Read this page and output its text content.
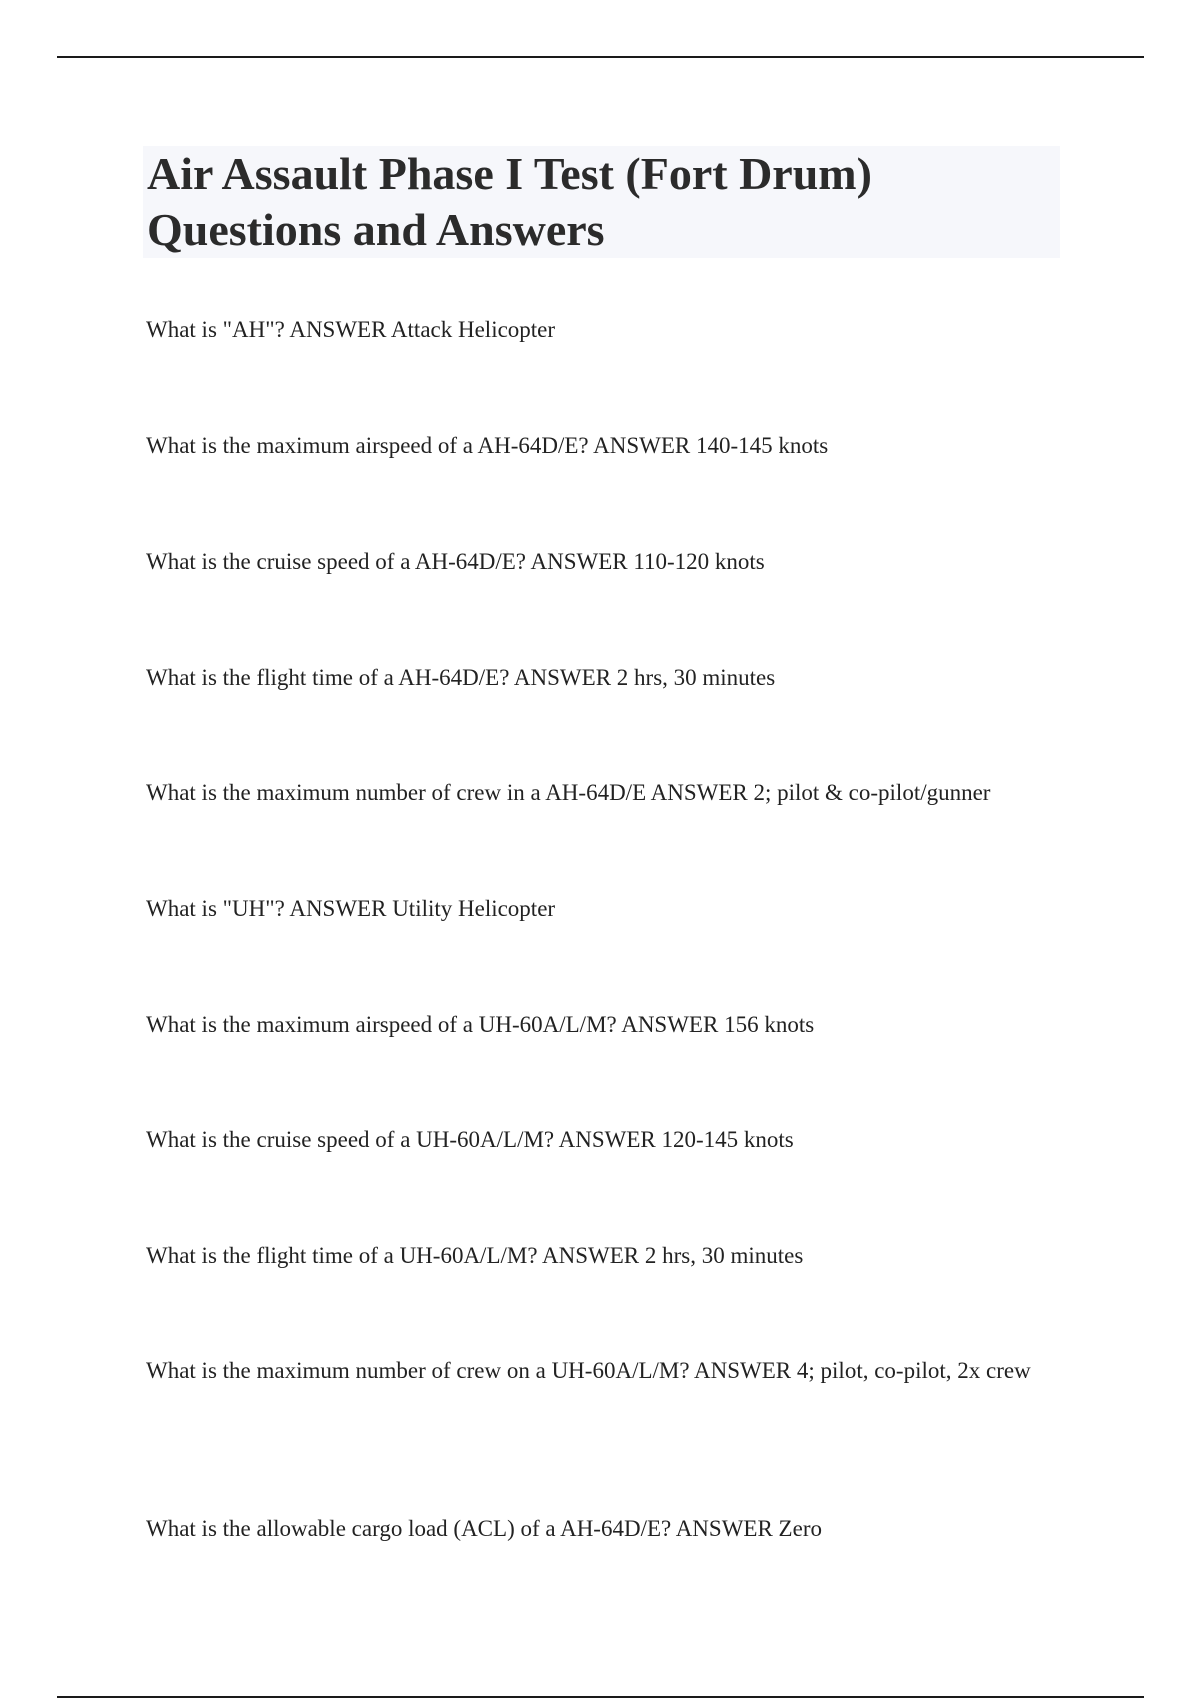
Air Assault Phase I Test (Fort Drum) Questions and Answers

What is "AH"? ANSWER Attack Helicopter

What is the maximum airspeed of a AH-64D/E? ANSWER 140-145 knots

What is the cruise speed of a AH-64D/E? ANSWER 110-120 knots

What is the flight time of a AH-64D/E? ANSWER 2 hrs, 30 minutes

What is the maximum number of crew in a AH-64D/E ANSWER 2; pilot & co-pilot/gunner

What is "UH"? ANSWER Utility Helicopter

What is the maximum airspeed of a UH-60A/L/M? ANSWER 156 knots

What is the cruise speed of a UH-60A/L/M? ANSWER 120-145 knots

What is the flight time of a UH-60A/L/M? ANSWER 2 hrs, 30 minutes

What is the maximum number of crew on a UH-60A/L/M? ANSWER 4; pilot, co-pilot, 2x crew

What is the allowable cargo load (ACL) of a AH-64D/E? ANSWER Zero
